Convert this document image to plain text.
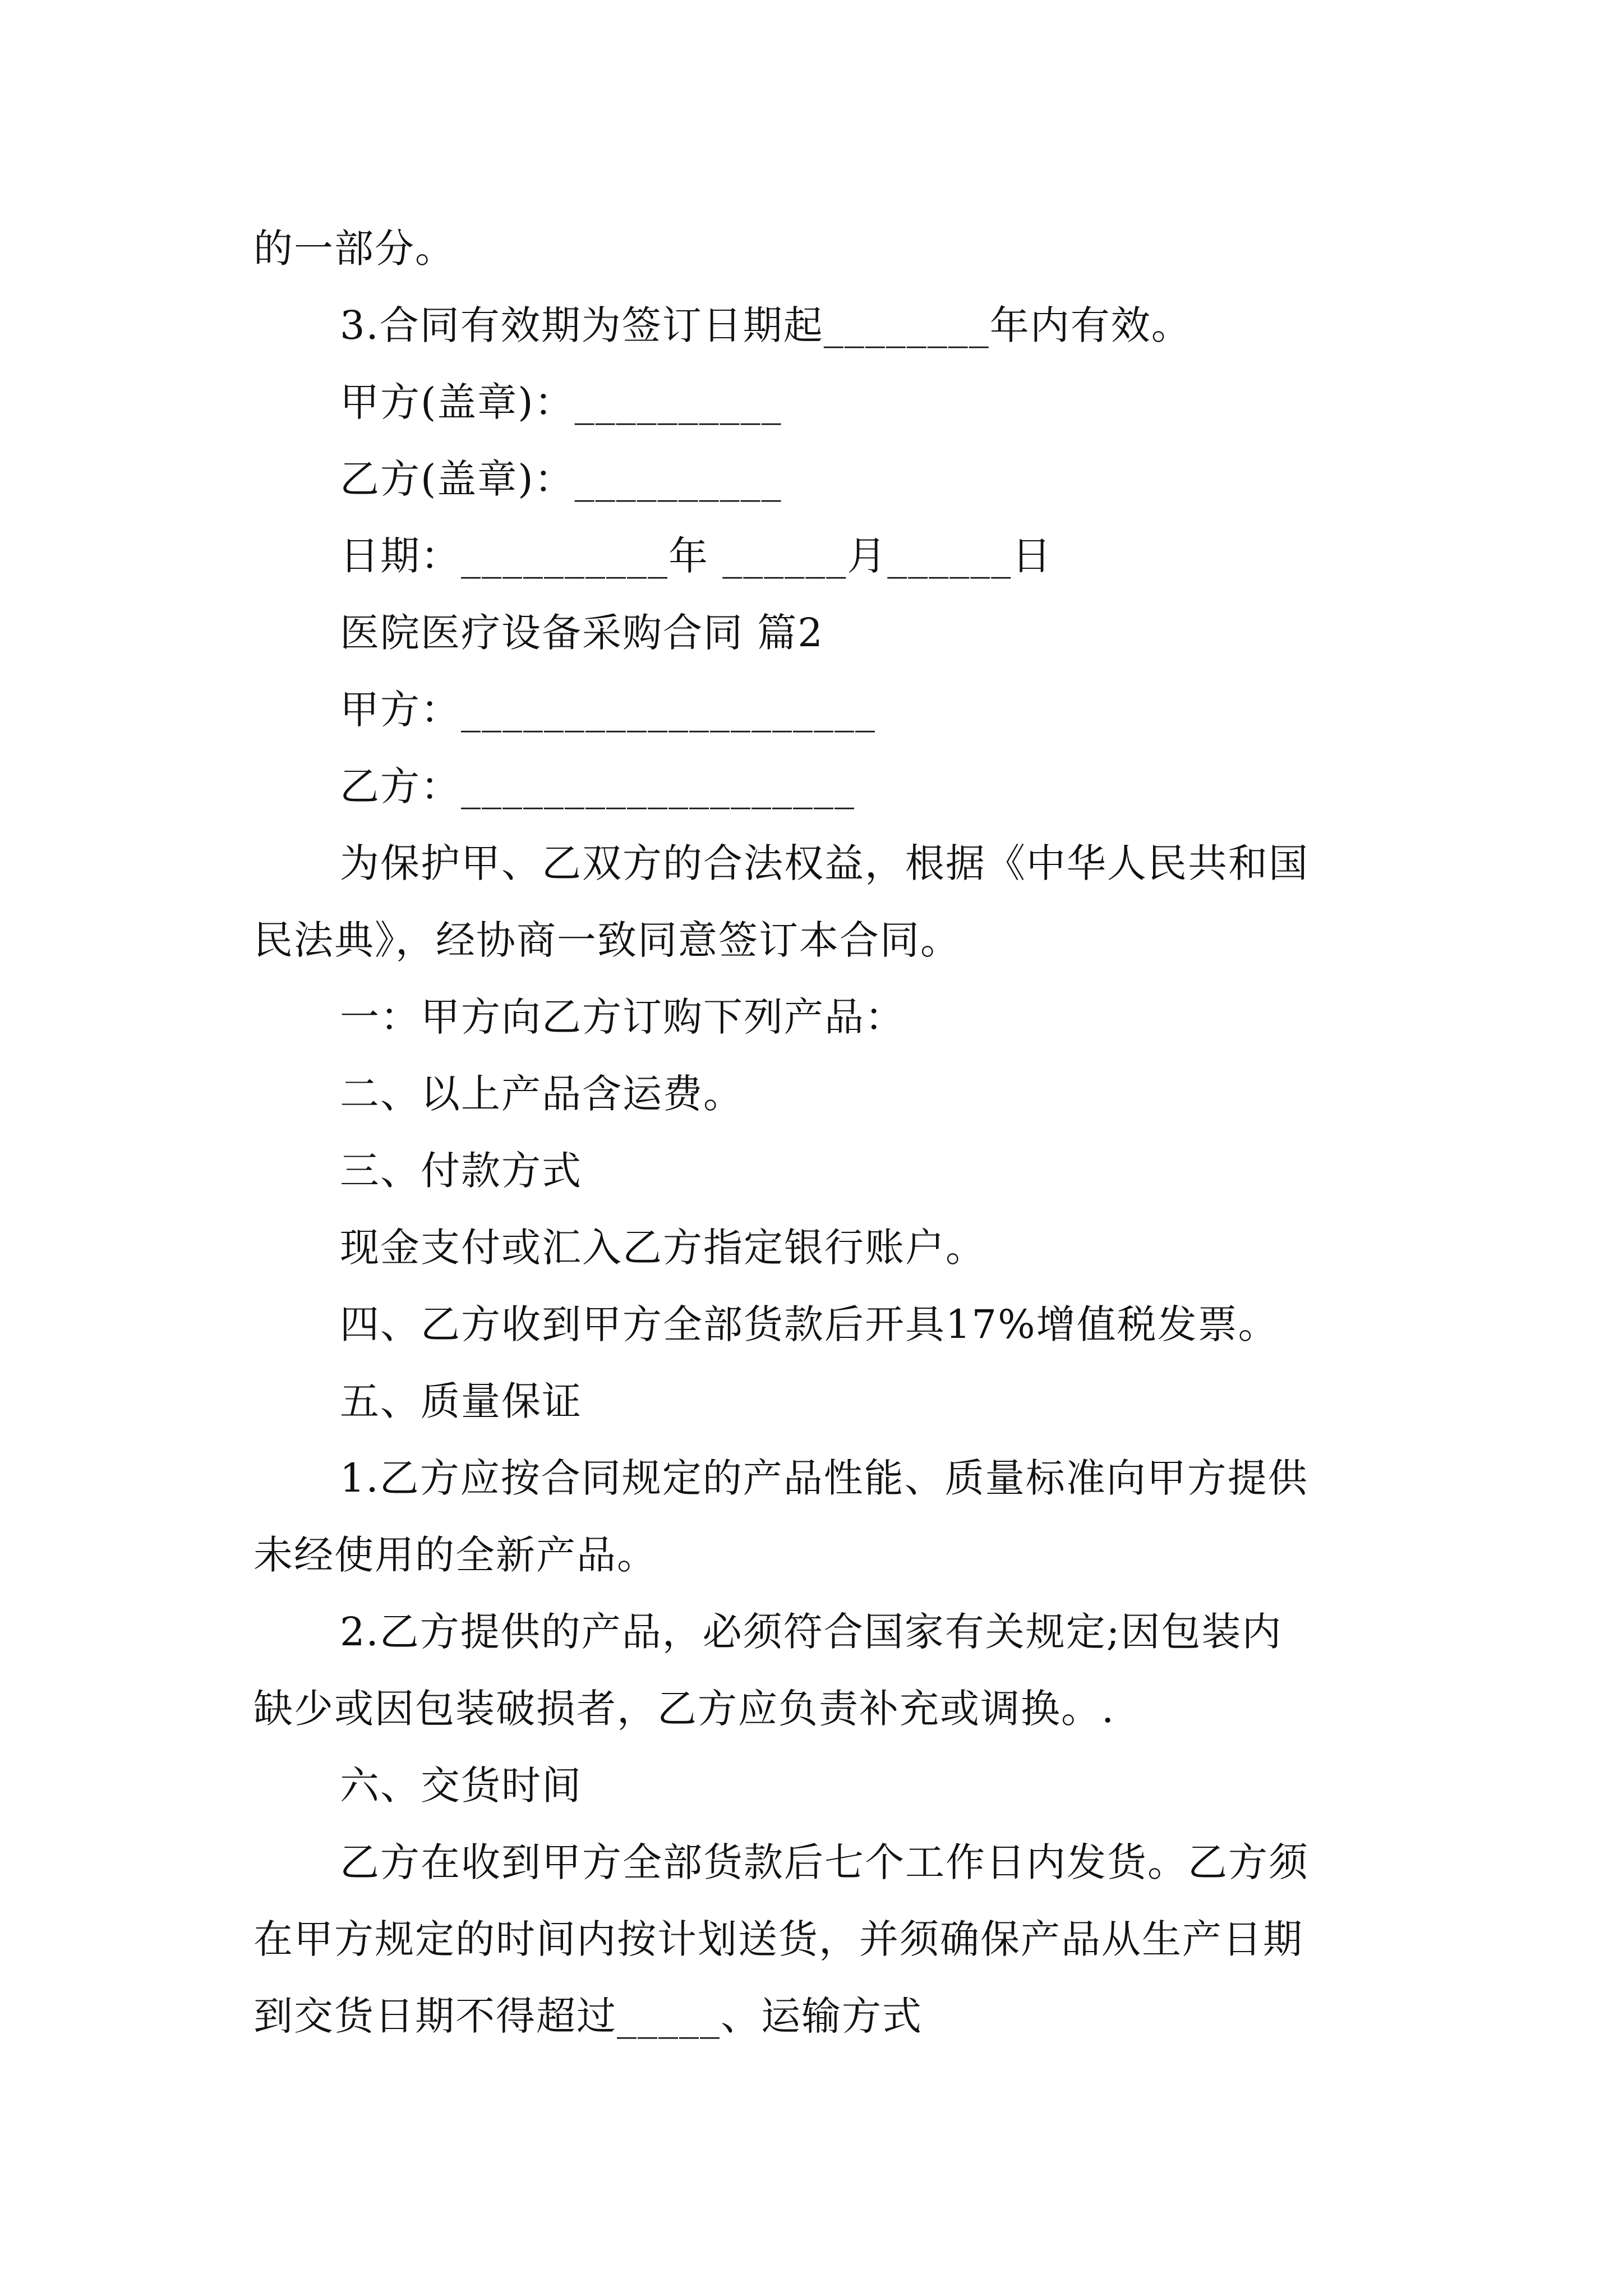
的一部分。
3.合同有效期为签订日期起________年内有效。
甲方(盖章)：__________
乙方(盖章)：__________
日期：__________年 ______月______日
医院医疗设备采购合同 篇2
甲方：____________________
乙方：___________________
为保护甲、乙双方的合法权益，根据《中华人民共和国
民法典》，经协商一致同意签订本合同。
一：甲方向乙方订购下列产品：
二、以上产品含运费。
三、付款方式
现金支付或汇入乙方指定银行账户。
四、乙方收到甲方全部货款后开具17%增值税发票。
五、质量保证
1.乙方应按合同规定的产品性能、质量标准向甲方提供
未经使用的全新产品。
2.乙方提供的产品，必须符合国家有关规定;因包装内
缺少或因包装破损者，乙方应负责补充或调换。.
六、交货时间
乙方在收到甲方全部货款后七个工作日内发货。乙方须
在甲方规定的时间内按计划送货，并须确保产品从生产日期
到交货日期不得超过_____、运输方式
